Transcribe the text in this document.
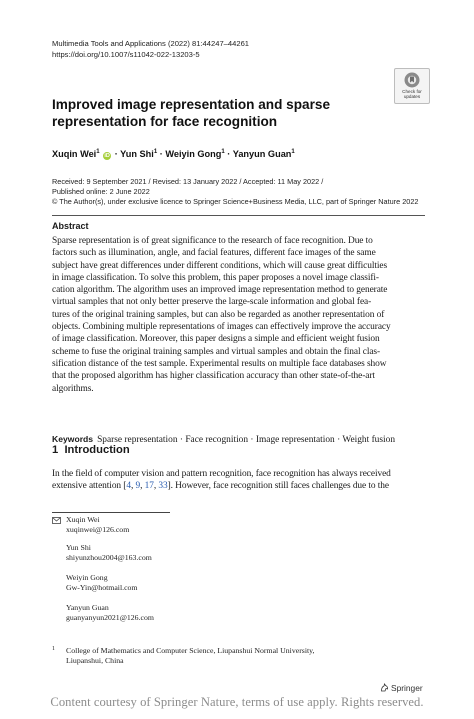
Multimedia Tools and Applications (2022) 81:44247–44261
https://doi.org/10.1007/s11042-022-13203-5
Check for updates
Improved image representation and sparse representation for face recognition
Xuqin Wei$^1$ iD · Yun Shi$^1$ · Weiyin Gong$^1$ · Yanyun Guan$^1$
Received: 9 September 2021 / Revised: 13 January 2022 / Accepted: 11 May 2022 /
Published online: 2 June 2022
© The Author(s), under exclusive licence to Springer Science+Business Media, LLC, part of Springer Nature 2022
Abstract
Sparse representation is of great significance to the research of face recognition. Due to
factors such as illumination, angle, and facial features, different face images of the same
subject have great differences under different conditions, which will cause great difficulties
in image classification. To solve this problem, this paper proposes a novel image classifi-
cation algorithm. The algorithm uses an improved image representation method to generate
virtual samples that not only better preserve the large-scale information and global fea-
tures of the original training samples, but can also be regarded as another representation of
objects. Combining multiple representations of images can effectively improve the accuracy
of image classification. Moreover, this paper designs a simple and efficient weight fusion
scheme to fuse the original training samples and virtual samples and obtain the final clas-
sification distance of the test sample. Experimental results on multiple face databases show
that the proposed algorithm has higher classification accuracy than other state-of-the-art
algorithms.
Keywords Sparse representation · Face recognition · Image representation · Weight fusion
1 Introduction
In the field of computer vision and pattern recognition, face recognition has always received
extensive attention [4, 9, 17, 33]. However, face recognition still faces challenges due to the
Xuqin Wei
xuqinwei@126.com
Yun Shi
shiyunzhou2004@163.com
Weiyin Gong
Gw-Yin@hotmail.com
Yanyun Guan
guanyanyun2021@126.com
1 College of Mathematics and Computer Science, Liupanshui Normal University,
Liupanshui, China
Springer
Content courtesy of Springer Nature, terms of use apply. Rights reserved.
